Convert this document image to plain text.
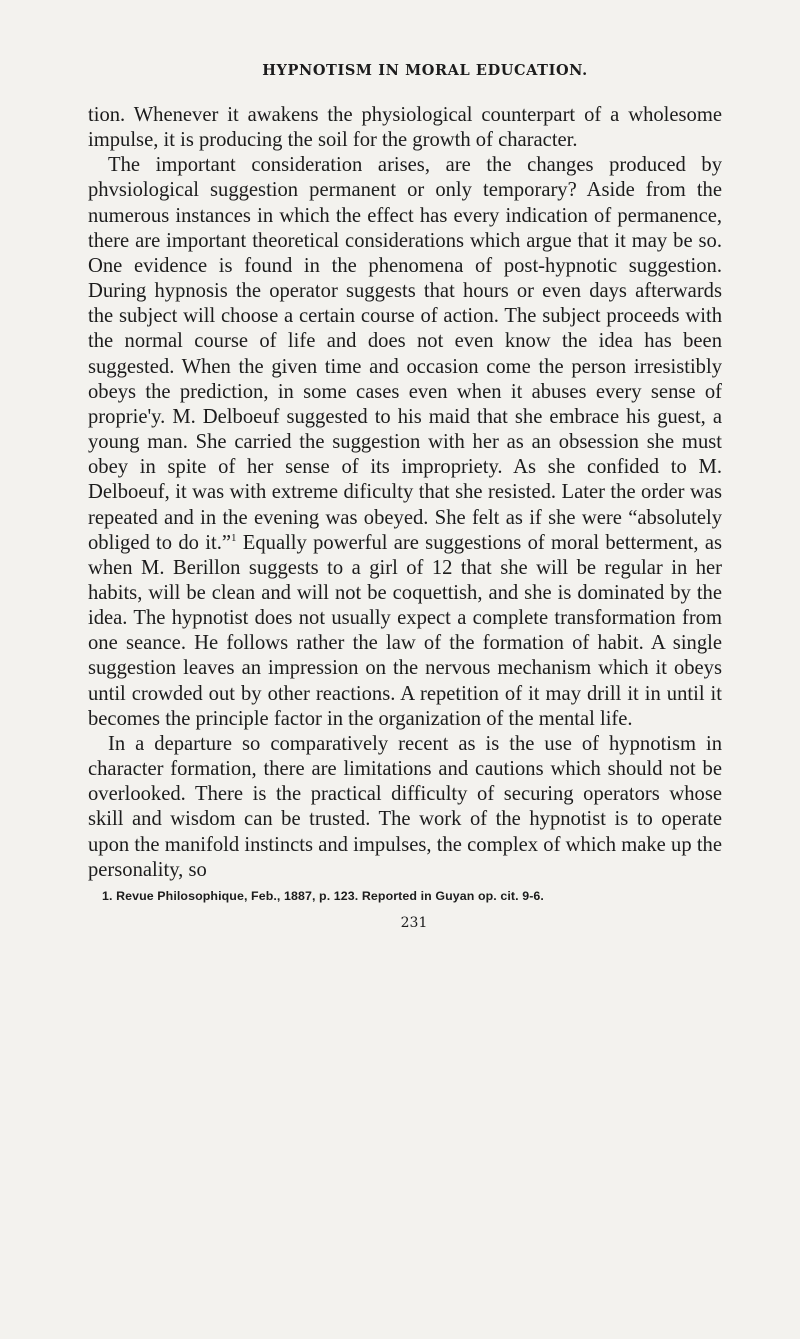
HYPNOTISM IN MORAL EDUCATION.

tion. Whenever it awakens the physiological counterpart of a wholesome impulse, it is producing the soil for the growth of character.

The important consideration arises, are the changes produced by phvsiological suggestion permanent or only temporary? Aside from the numerous instances in which the effect has every indication of permanence, there are important theoretical considerations which argue that it may be so. One evidence is found in the phenomena of post-hypnotic suggestion. During hypnosis the operator suggests that hours or even days afterwards the subject will choose a certain course of action. The subject proceeds with the normal course of life and does not even know the idea has been suggested. When the given time and occasion come the person irresistibly obeys the prediction, in some cases even when it abuses every sense of proprie'y. M. Delboeuf suggested to his maid that she embrace his guest, a young man. She carried the suggestion with her as an obsession she must obey in spite of her sense of its impropriety. As she confided to M. Delboeuf, it was with extreme dificulty that she resisted. Later the order was repeated and in the evening was obeyed. She felt as if she were “absolutely obliged to do it.”$^1$ Equally powerful are suggestions of moral betterment, as when M. Berillon suggests to a girl of 12 that she will be regular in her habits, will be clean and will not be coquettish, and she is dominated by the idea. The hypnotist does not usually expect a complete transformation from one seance. He follows rather the law of the formation of habit. A single suggestion leaves an impression on the nervous mechanism which it obeys until crowded out by other reactions. A repetition of it may drill it in until it becomes the principle factor in the organization of the mental life.

In a departure so comparatively recent as is the use of hypnotism in character formation, there are limitations and cautions which should not be overlooked. There is the practical difficulty of securing operators whose skill and wisdom can be trusted. The work of the hypnotist is to operate upon the manifold instincts and impulses, the complex of which make up the personality, so

1. Revue Philosophique, Feb., 1887, p. 123. Reported in Guyan op. cit. 9-6.
231
